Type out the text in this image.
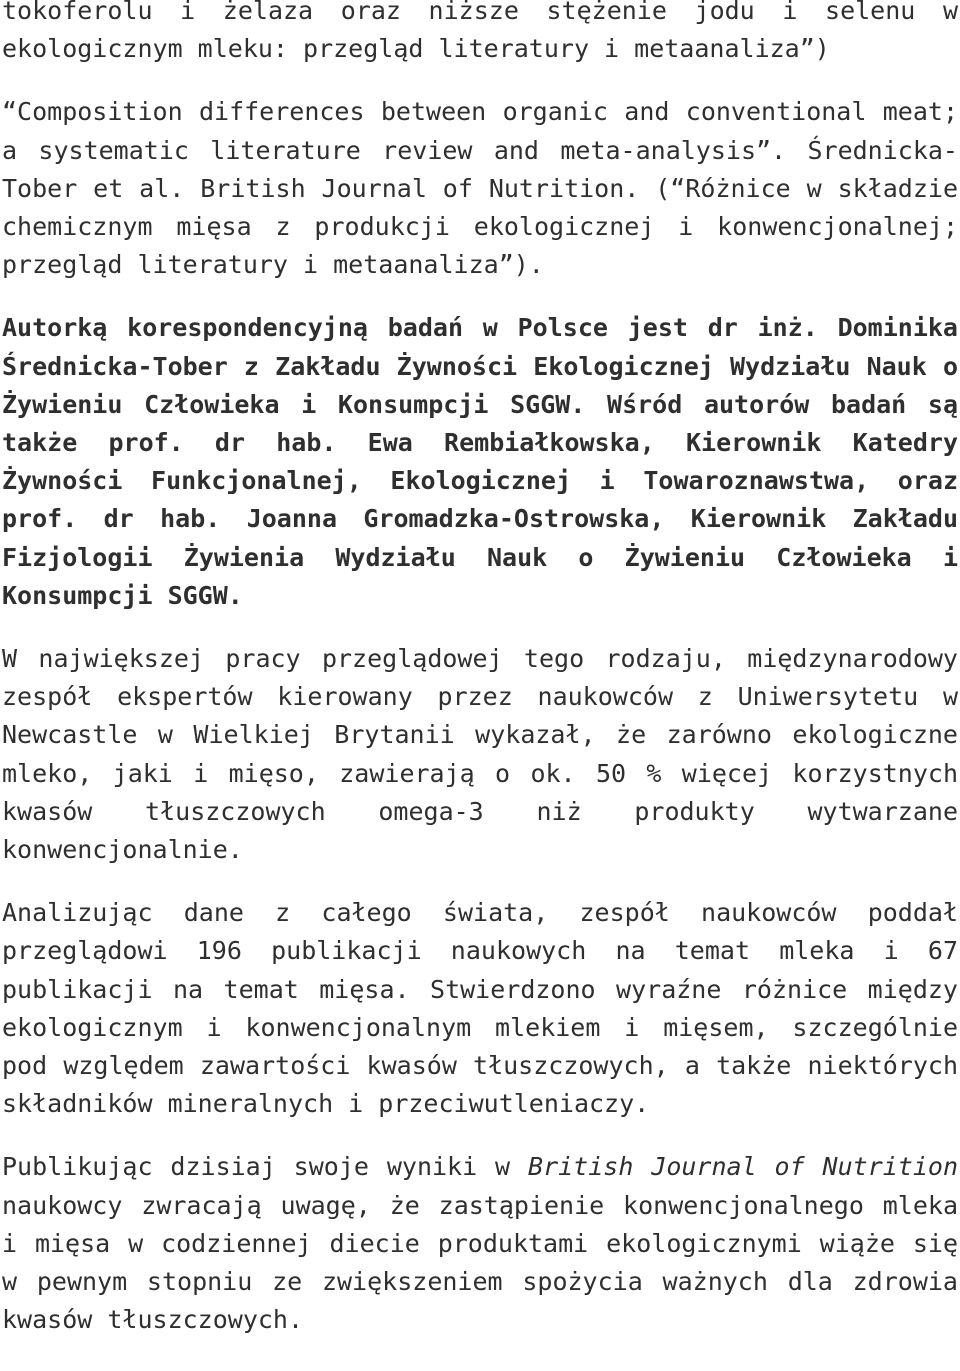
tokoferolu i żelaza oraz niższe stężenie jodu i selenu w ekologicznym mleku: przegląd literatury i metaanaliza”)

“Composition differences between organic and conventional meat; a systematic literature review and meta-analysis”. Średnicka-Tober et al. British Journal of Nutrition. (“Różnice w składzie chemicznym mięsa z produkcji ekologicznej i konwencjonalnej; przegląd literatury i metaanaliza”).

Autorką korespondencyjną badań w Polsce jest dr inż. Dominika Średnicka-Tober z Zakładu Żywności Ekologicznej Wydziału Nauk o Żywieniu Człowieka i Konsumpcji SGGW. Wśród autorów badań są także prof. dr hab. Ewa Rembiałkowska, Kierownik Katedry Żywności Funkcjonalnej, Ekologicznej i Towaroznawstwa, oraz prof. dr hab. Joanna Gromadzka-Ostrowska, Kierownik Zakładu Fizjologii Żywienia Wydziału Nauk o Żywieniu Człowieka i Konsumpcji SGGW.

W największej pracy przeglądowej tego rodzaju, międzynarodowy zespół ekspertów kierowany przez naukowców z Uniwersytetu w Newcastle w Wielkiej Brytanii wykazał, że zarówno ekologiczne mleko, jaki i mięso, zawierają o ok. 50 % więcej korzystnych kwasów tłuszczowych omega-3 niż produkty wytwarzane konwencjonalnie.

Analizując dane z całego świata, zespół naukowców poddał przeglądowi 196 publikacji naukowych na temat mleka i 67 publikacji na temat mięsa. Stwierdzono wyraźne różnice między ekologicznym i konwencjonalnym mlekiem i mięsem, szczególnie pod względem zawartości kwasów tłuszczowych, a także niektórych składników mineralnych i przeciwutleniaczy.

Publikując dzisiaj swoje wyniki w British Journal of Nutrition naukowcy zwracają uwagę, że zastąpienie konwencjonalnego mleka i mięsa w codziennej diecie produktami ekologicznymi wiąże się w pewnym stopniu ze zwiększeniem spożycia ważnych dla zdrowia kwasów tłuszczowych.
